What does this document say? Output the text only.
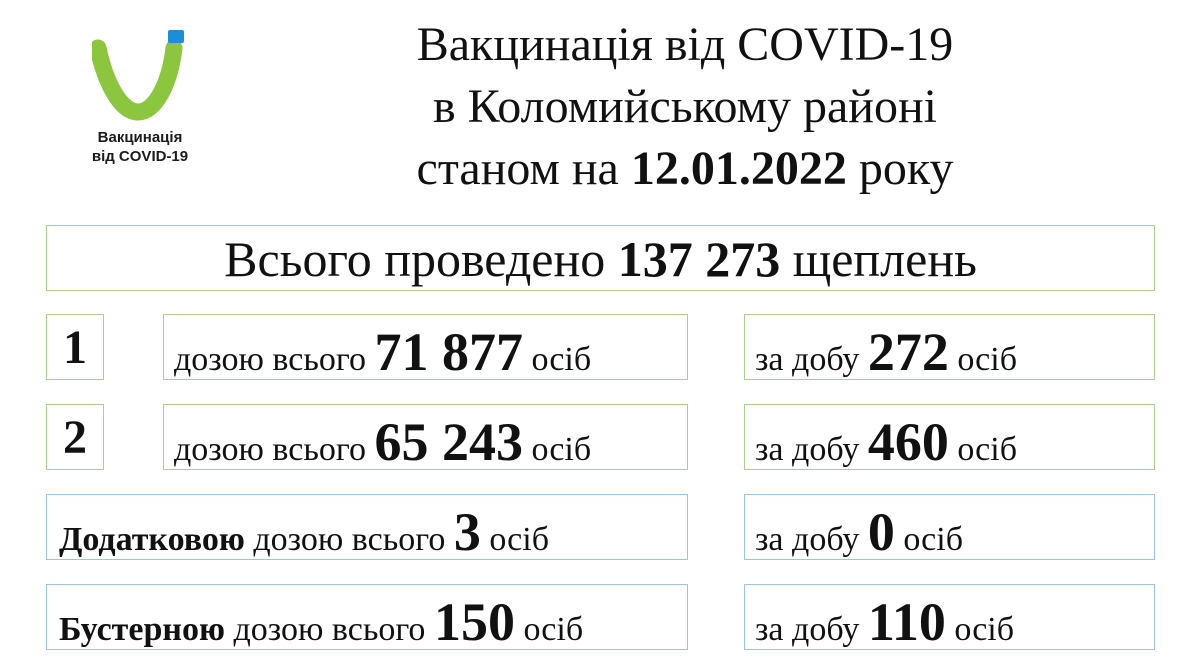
Вакцинація
від COVID-19
Вакцинація від COVID-19
в Коломийському районі
станом на 12.01.2022 року
Всього проведено 137 273 щеплень
1	дозою всього 71 877 осіб	за добу 272 осіб
2	дозою всього 65 243 осіб	за добу 460 осіб
Додатковою дозою всього 3 осіб	за добу 0 осіб
Бустерною дозою всього 150 осіб	за добу 110 осіб
